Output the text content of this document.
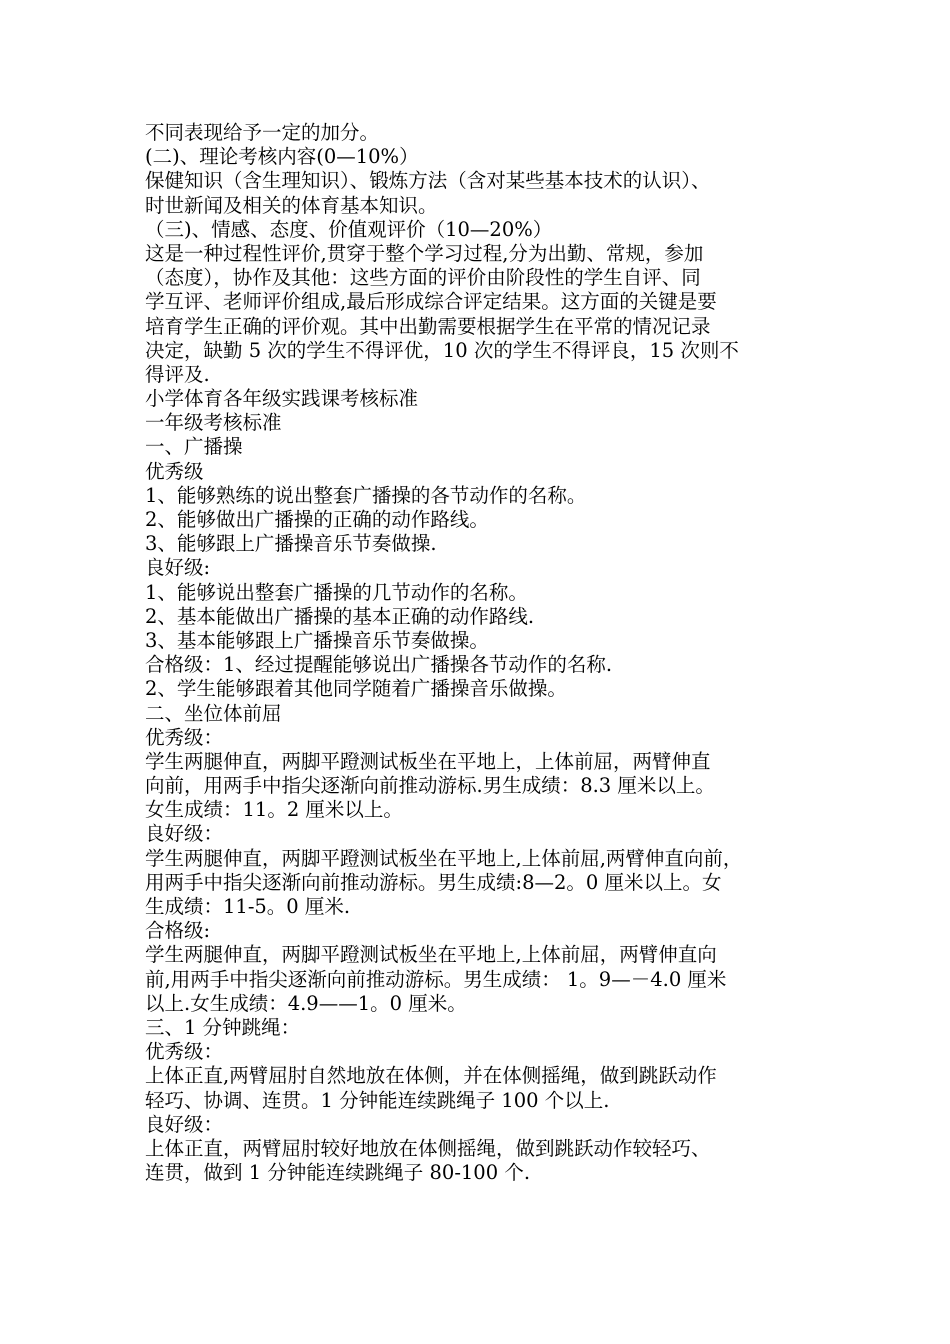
不同表现给予一定的加分。
(二)、理论考核内容(0—10%）
保健知识（含生理知识）、锻炼方法（含对某些基本技术的认识）、
时世新闻及相关的体育基本知识。
（三)、情感、态度、价值观评价（10—20%）
这是一种过程性评价,贯穿于整个学习过程,分为出勤、常规，参加
（态度），协作及其他：这些方面的评价由阶段性的学生自评、同
学互评、老师评价组成,最后形成综合评定结果。这方面的关键是要
培育学生正确的评价观。其中出勤需要根据学生在平常的情况记录
决定，缺勤 5 次的学生不得评优，10 次的学生不得评良，15 次则不
得评及.
小学体育各年级实践课考核标准
一年级考核标准
一、广播操
优秀级
1、能够熟练的说出整套广播操的各节动作的名称。
2、能够做出广播操的正确的动作路线。
3、能够跟上广播操音乐节奏做操.
良好级:
1、能够说出整套广播操的几节动作的名称。
2、基本能做出广播操的基本正确的动作路线.
3、基本能够跟上广播操音乐节奏做操。
合格级：1、经过提醒能够说出广播操各节动作的名称.
2、学生能够跟着其他同学随着广播操音乐做操。
二、坐位体前屈
优秀级：
学生两腿伸直，两脚平蹬测试板坐在平地上，上体前屈，两臂伸直
向前，用两手中指尖逐渐向前推动游标.男生成绩：8.3 厘米以上。
女生成绩：11。2 厘米以上。
良好级：
学生两腿伸直，两脚平蹬测试板坐在平地上,上体前屈,两臂伸直向前，
用两手中指尖逐渐向前推动游标。男生成绩:8—2。0 厘米以上。女
生成绩：11-5。0 厘米.
合格级:
学生两腿伸直，两脚平蹬测试板坐在平地上,上体前屈，两臂伸直向
前,用两手中指尖逐渐向前推动游标。男生成绩： 1。9—－4.0 厘米
以上.女生成绩：4.9——1。0 厘米。
三、1 分钟跳绳：
优秀级：
上体正直,两臂屈肘自然地放在体侧，并在体侧摇绳，做到跳跃动作
轻巧、协调、连贯。1 分钟能连续跳绳子 100 个以上.
良好级：
上体正直，两臂屈肘较好地放在体侧摇绳，做到跳跃动作较轻巧、
连贯，做到 1 分钟能连续跳绳子 80-100 个.
